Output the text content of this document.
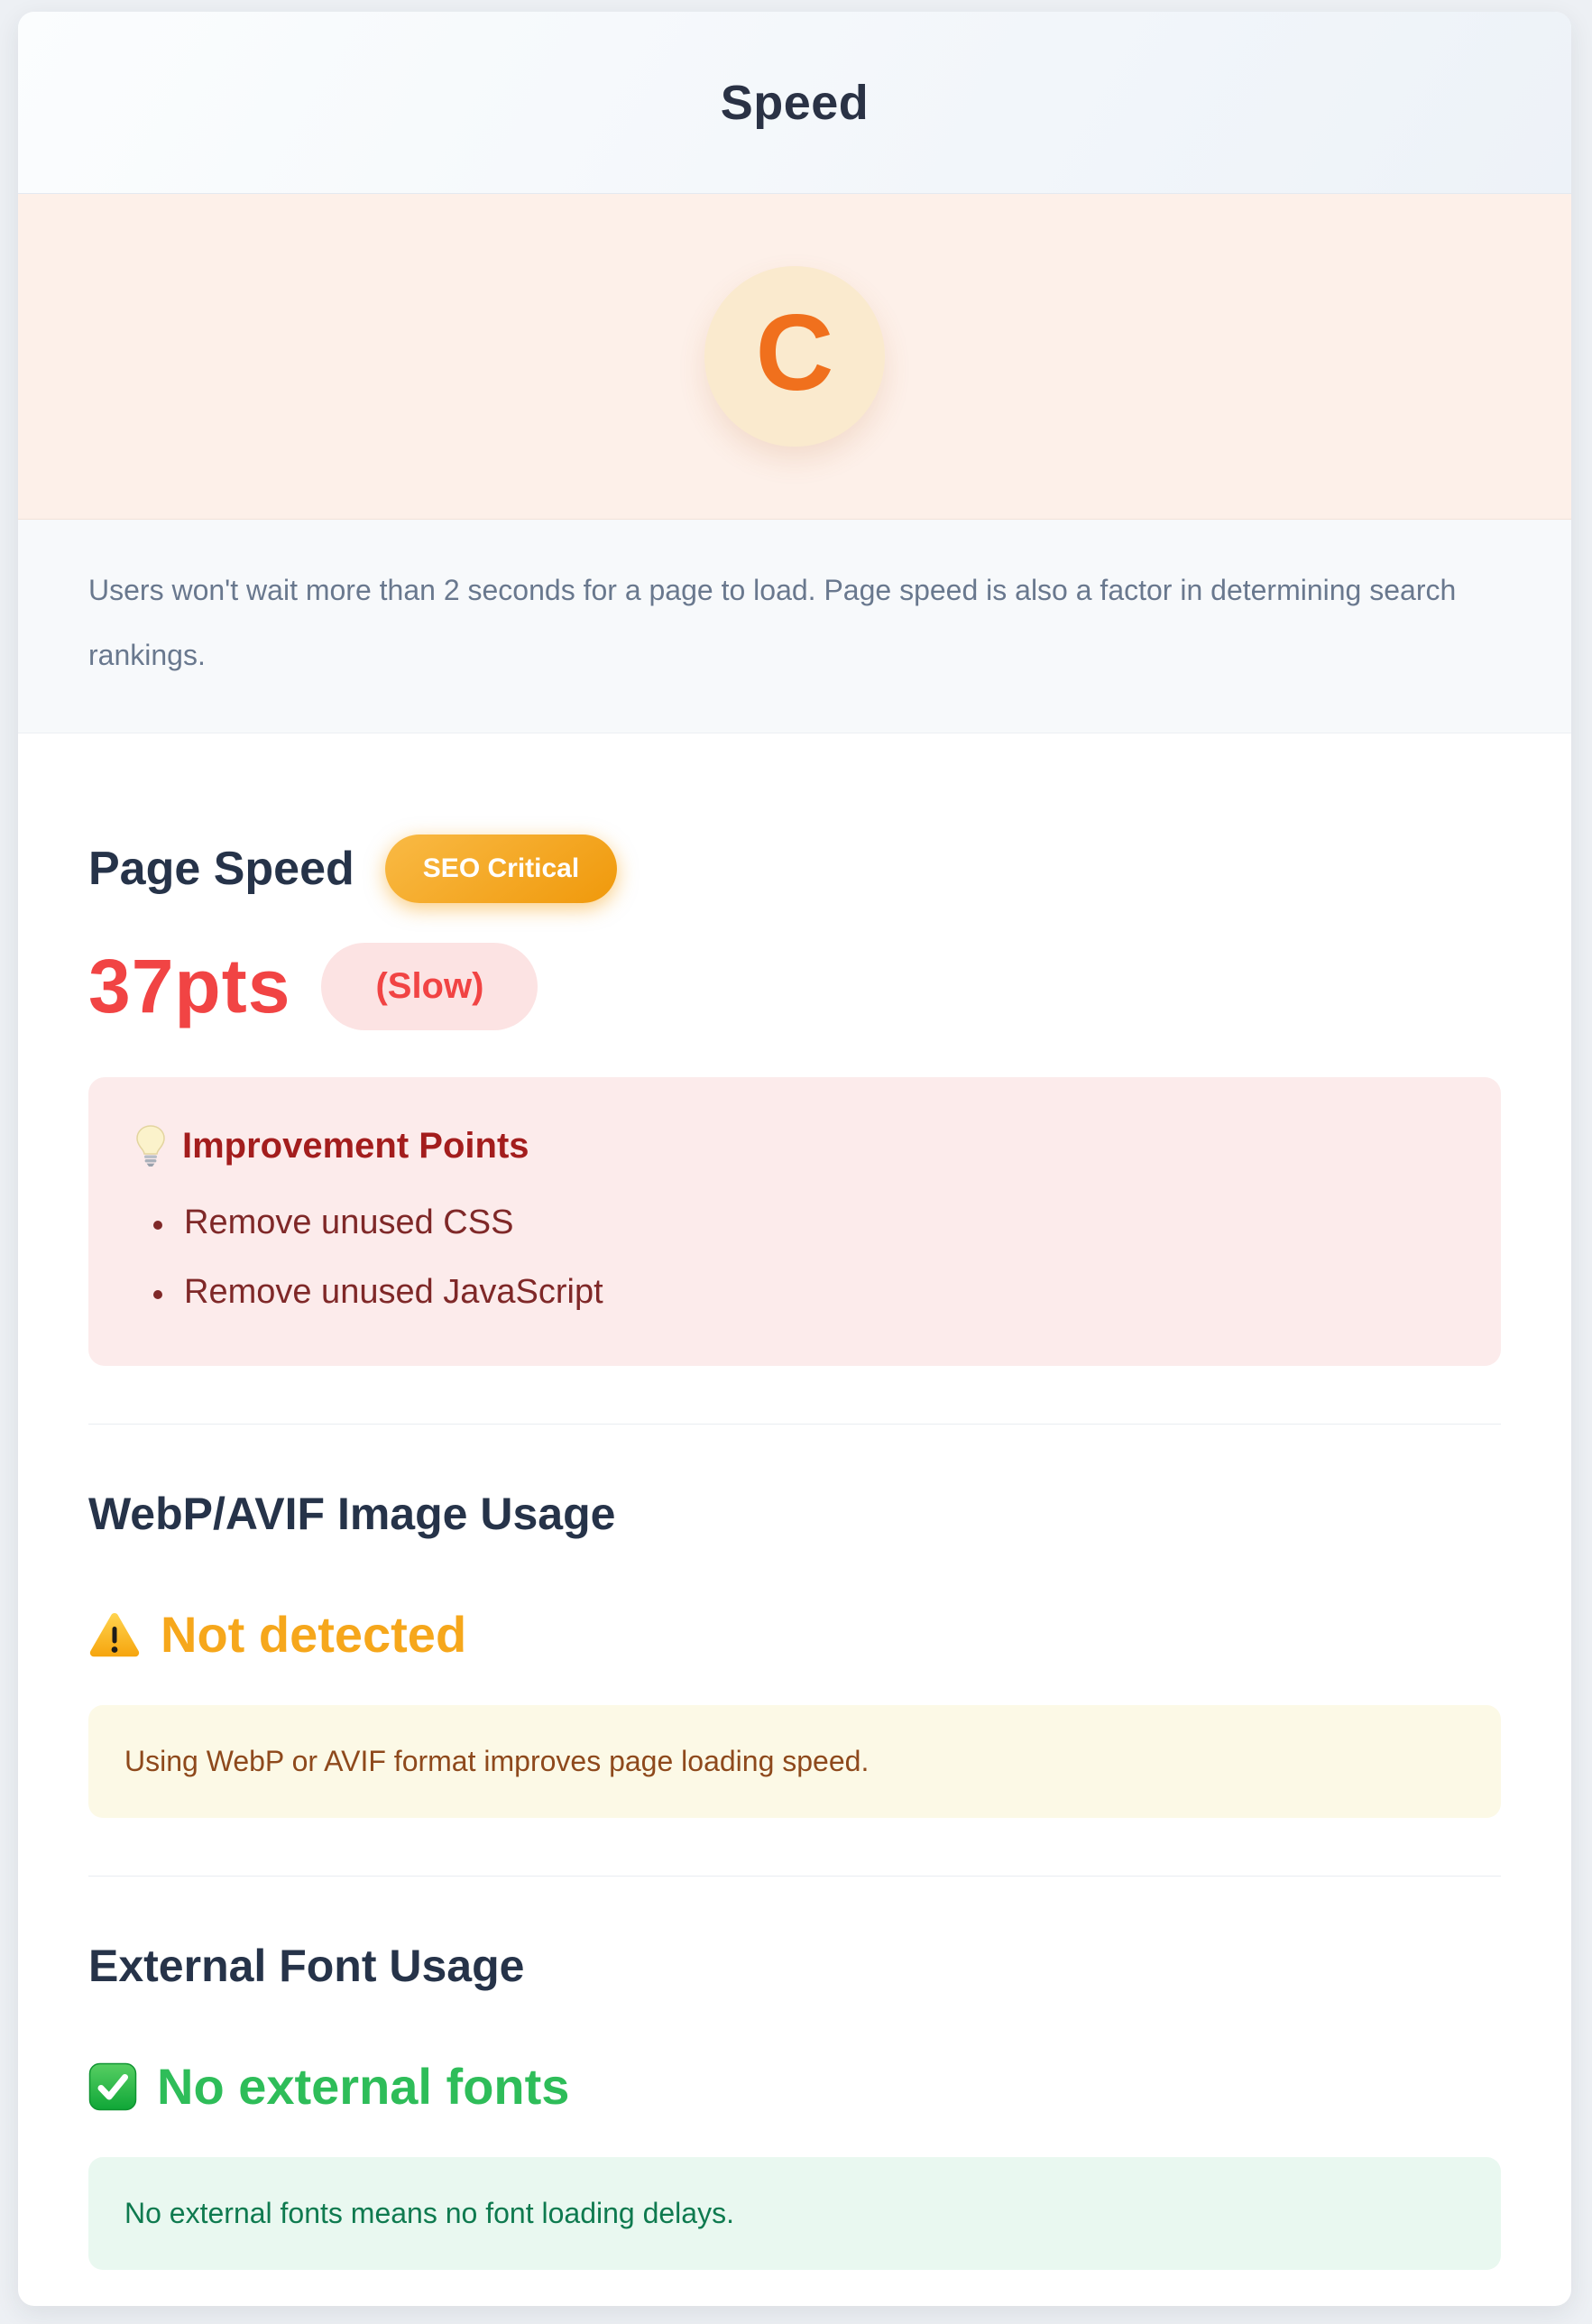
Speed
C
Users won't wait more than 2 seconds for a page to load. Page speed is also a factor in determining search rankings.
Page Speed	SEO Critical
37pts	(Slow)
Improvement Points
• Remove unused CSS
• Remove unused JavaScript
WebP/AVIF Image Usage
Not detected
Using WebP or AVIF format improves page loading speed.
External Font Usage
No external fonts
No external fonts means no font loading delays.
